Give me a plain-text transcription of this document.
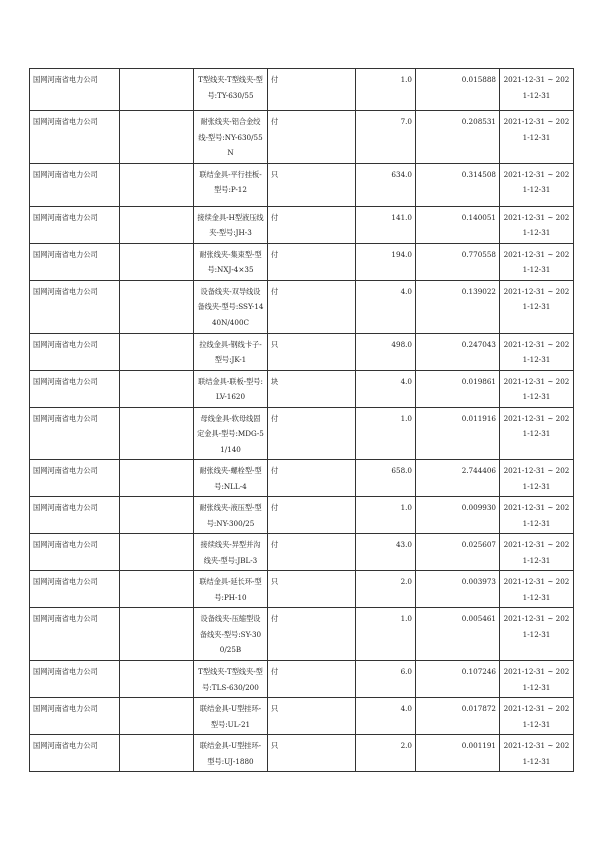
国网河南省电力公司		T型线夹-T型线夹-型号:TY-630/55	付	1.0	0.015888	2021-12-31 ~ 2021-12-31
国网河南省电力公司		耐张线夹-铝合金绞线-型号:NY-630/55N	付	7.0	0.208531	2021-12-31 ~ 2021-12-31
国网河南省电力公司		联结金具-平行挂板-型号:P-12	只	634.0	0.314508	2021-12-31 ~ 2021-12-31
国网河南省电力公司		接续金具-H型液压线夹-型号:JH-3	付	141.0	0.140051	2021-12-31 ~ 2021-12-31
国网河南省电力公司		耐张线夹-集束型-型号:NXJ-4×35	付	194.0	0.770558	2021-12-31 ~ 2021-12-31
国网河南省电力公司		设备线夹-双导线设备线夹-型号:SSY-1440N/400C	付	4.0	0.139022	2021-12-31 ~ 2021-12-31
国网河南省电力公司		拉线金具-钢线卡子-型号:JK-1	只	498.0	0.247043	2021-12-31 ~ 2021-12-31
国网河南省电力公司		联结金具-联板-型号:LV-1620	块	4.0	0.019861	2021-12-31 ~ 2021-12-31
国网河南省电力公司		母线金具-软母线固定金具-型号:MDG-51/140	付	1.0	0.011916	2021-12-31 ~ 2021-12-31
国网河南省电力公司		耐张线夹-螺栓型-型号:NLL-4	付	658.0	2.744406	2021-12-31 ~ 2021-12-31
国网河南省电力公司		耐张线夹-液压型-型号:NY-300/25	付	1.0	0.009930	2021-12-31 ~ 2021-12-31
国网河南省电力公司		接续线夹-异型并沟线夹-型号:JBL-3	付	43.0	0.025607	2021-12-31 ~ 2021-12-31
国网河南省电力公司		联结金具-延长环-型号:PH-10	只	2.0	0.003973	2021-12-31 ~ 2021-12-31
国网河南省电力公司		设备线夹-压缩型设备线夹-型号:SY-300/25B	付	1.0	0.005461	2021-12-31 ~ 2021-12-31
国网河南省电力公司		T型线夹-T型线夹-型号:TLS-630/200	付	6.0	0.107246	2021-12-31 ~ 2021-12-31
国网河南省电力公司		联结金具-U型挂环-型号:UL-21	只	4.0	0.017872	2021-12-31 ~ 2021-12-31
国网河南省电力公司		联结金具-U型挂环-型号:UJ-1880	只	2.0	0.001191	2021-12-31 ~ 2021-12-31
